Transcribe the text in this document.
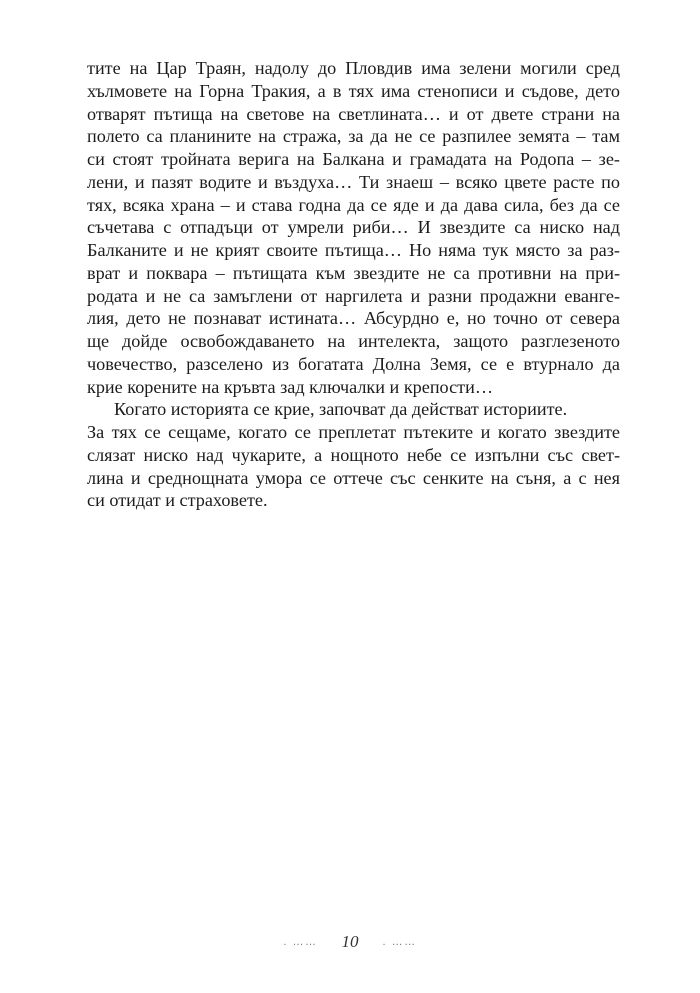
тите на Цар Траян, надолу до Пловдив има зелени могили сред
хълмовете на Горна Тракия, а в тях има стенописи и съдове, дето
отварят пътища на светове на светлината… и от двете страни на
полето са планините на стража, за да не се разпилее земята – там
си стоят тройната верига на Балкана и грамадата на Родопа – зе-
лени, и пазят водите и въздуха… Ти знаеш – всяко цвете расте по
тях, всяка храна – и става годна да се яде и да дава сила, без да се
съчетава с отпадъци от умрели риби… И звездите са ниско над
Балканите и не крият своите пътища… Но няма тук място за раз-
врат и поквара – пътищата към звездите не са противни на при-
родата и не са замъглени от наргилета и разни продажни еванге-
лия, дето не познават истината… Абсурдно е, но точно от севера
ще дойде освобождаването на интелекта, защото разглезеното
човечество, разселено из богатата Долна Земя, се е втурнало да
крие корените на кръвта зад ключалки и крепости…
Когато историята се крие, започват да действат историите.
За тях се сещаме, когато се преплетат пътеките и когато звездите
слязат ниско над чукарите, а нощното небе се изпълни със свет-
лина и среднощната умора се оттече със сенките на съня, а с нея
си отидат и страховете.
. …… 10 . ……
